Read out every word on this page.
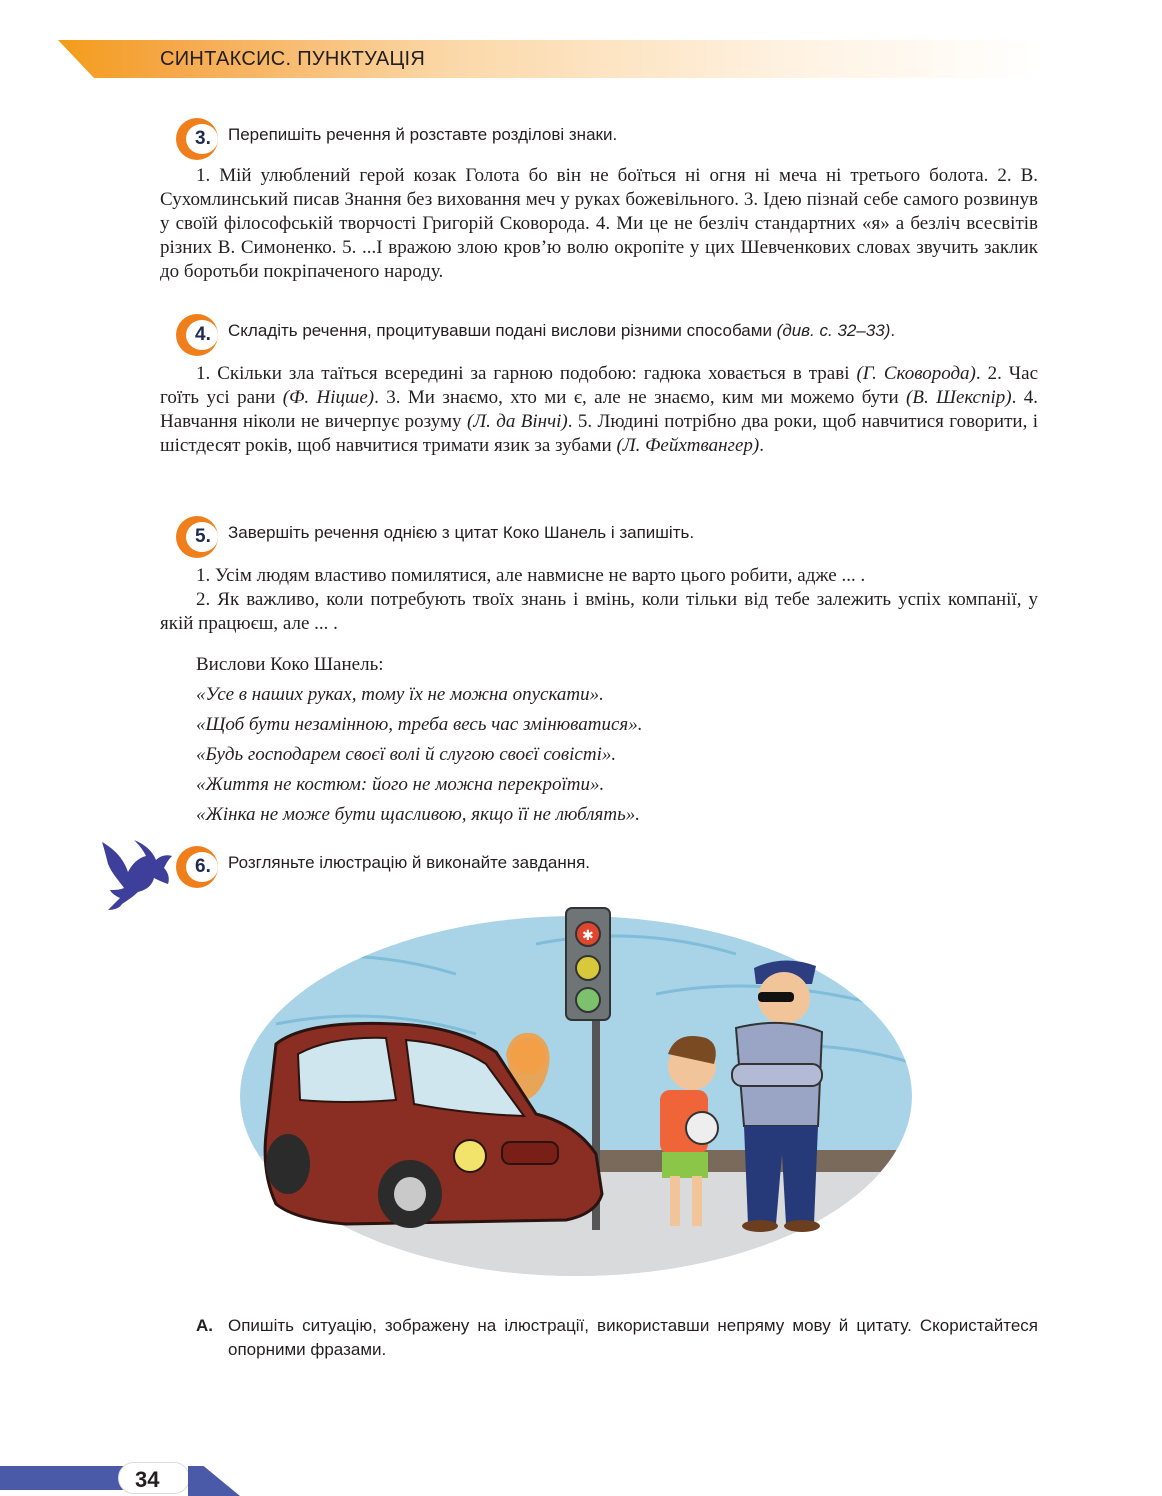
СИНТАКСИС. ПУНКТУАЦІЯ
3.	Перепишіть речення й розставте розділові знаки.

1. Мій улюблений герой козак Голота бо він не боїться ні огня ні меча ні третього болота. 2. В. Сухомлинський писав Знання без виховання меч у руках божевільного. 3. Ідею пізнай себе самого розвинув у своїй філософській творчості Григорій Сковорода. 4. Ми це не безліч стандартних «я» а безліч всесвітів різних В. Симоненко. 5. ...І вражою злою кров’ю волю окропіте у цих Шевченкових словах звучить заклик до боротьби покріпаченого народу.

4.	Складіть речення, процитувавши подані вислови різними способами (див. с. 32–33).

1. Скільки зла таїться всередині за гарною подобою: гадюка ховається в траві (Г. Сковорода). 2. Час гоїть усі рани (Ф. Ніцше). 3. Ми знаємо, хто ми є, але не знаємо, ким ми можемо бути (В. Шекспір). 4. Навчання ніколи не вичерпує розуму (Л. да Вінчі). 5. Людині потрібно два роки, щоб навчитися говорити, і шістдесят років, щоб навчитися тримати язик за зубами (Л. Фейхтвангер).

5.	Завершіть речення однією з цитат Коко Шанель і запишіть.

1. Усім людям властиво помилятися, але навмисне не варто цього робити, адже ... .

2. Як важливо, коли потребують твоїх знань і вмінь, коли тільки від тебе залежить успіх компанії, у якій працюєш, але ... .

Вислови Коко Шанель:
«Усе в наших руках, тому їх не можна опускати».
«Щоб бути незамінною, треба весь час змінюватися».
«Будь господарем своєї волі й слугою своєї совісті».
«Життя не костюм: його не можна перекроїти».
«Жінка не може бути щасливою, якщо її не люблять».
6.	Розгляньте ілюстрацію й виконайте завдання.
✱
А. Опишіть ситуацію, зображену на ілюстрації, використавши непряму мову й цитату. Скористайтеся опорними фразами.
34
